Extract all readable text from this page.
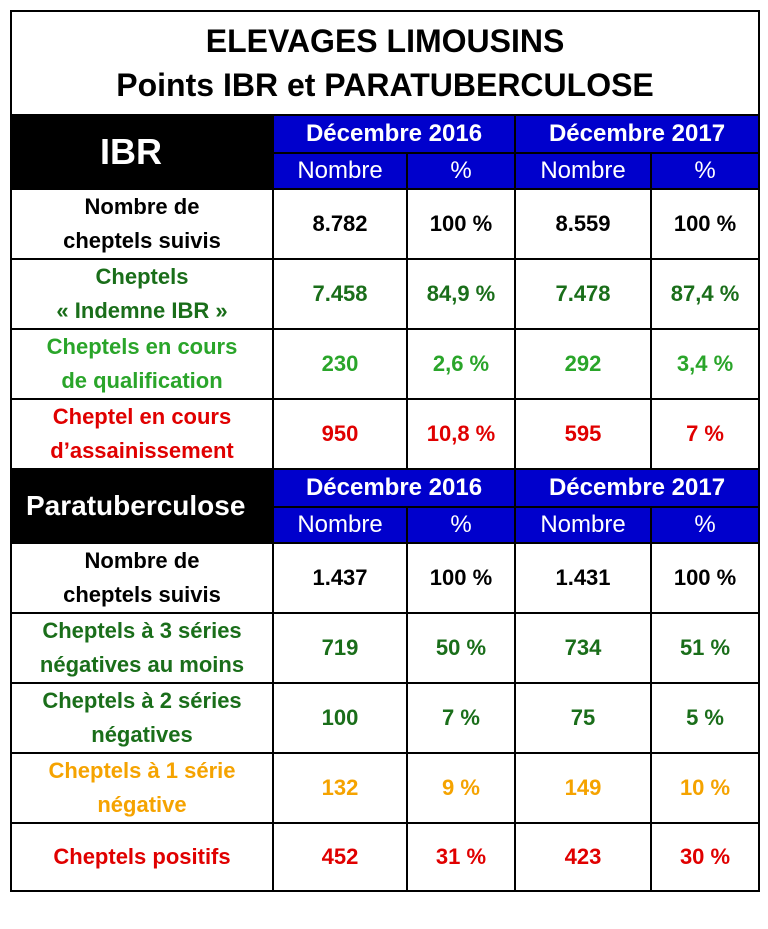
ELEVAGES LIMOUSINS
Points IBR et PARATUBERCULOSE				

IBR	Décembre 2016		Décembre 2017	
	Nombre	%	Nombre	%

Nombre de
cheptels suivis	8.782	100 %	8.559	100 %

Cheptels
« Indemne IBR »	7.458	84,9 %	7.478	87,4 %

Cheptels en cours
de qualification	230	2,6 %	292	3,4 %

Cheptel en cours
d’assainissement	950	10,8 %	595	7 %

Paratuberculose	Décembre 2016		Décembre 2017	
	Nombre	%	Nombre	%

Nombre de
cheptels suivis	1.437	100 %	1.431	100 %

Cheptels à 3 séries
négatives au moins	719	50 %	734	51 %

Cheptels à 2 séries
négatives	100	7 %	75	5 %

Cheptels à 1 série
négative	132	9 %	149	10 %

Cheptels positifs	452	31 %	423	30 %
